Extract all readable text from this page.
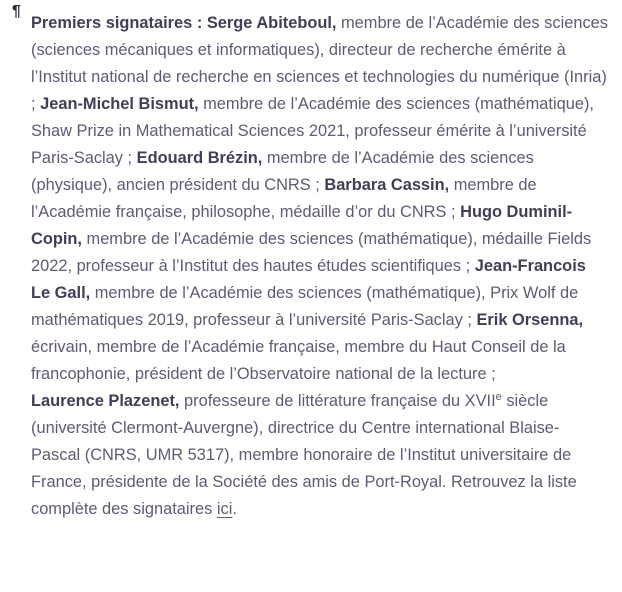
¶

Premiers signataires : Serge Abiteboul, membre de l’Académie des sciences (sciences mécaniques et informatiques), directeur de recherche émérite à l’Institut national de recherche en sciences et technologies du numérique (Inria) ; Jean-Michel Bismut, membre de l’Académie des sciences (mathématique), Shaw Prize in Mathematical Sciences 2021, professeur émérite à l’université Paris-Saclay ; Edouard Brézin, membre de l’Académie des sciences (physique), ancien président du CNRS ; Barbara Cassin, membre de l’Académie française, philosophe, médaille d’or du CNRS ; Hugo Duminil-Copin, membre de l’Académie des sciences (mathématique), médaille Fields 2022, professeur à l’Institut des hautes études scientifiques ; Jean-Francois Le Gall, membre de l’Académie des sciences (mathématique), Prix Wolf de mathématiques 2019, professeur à l’université Paris-Saclay ; Erik Orsenna, écrivain, membre de l’Académie française, membre du Haut Conseil de la francophonie, président de l’Observatoire national de la lecture ;
Laurence Plazenet, professeure de littérature française du XVIIe siècle (université Clermont-Auvergne), directrice du Centre international Blaise-Pascal (CNRS, UMR 5317), membre honoraire de l’Institut universitaire de France, présidente de la Société des amis de Port-Royal. Retrouvez la liste complète des signataires ici.
